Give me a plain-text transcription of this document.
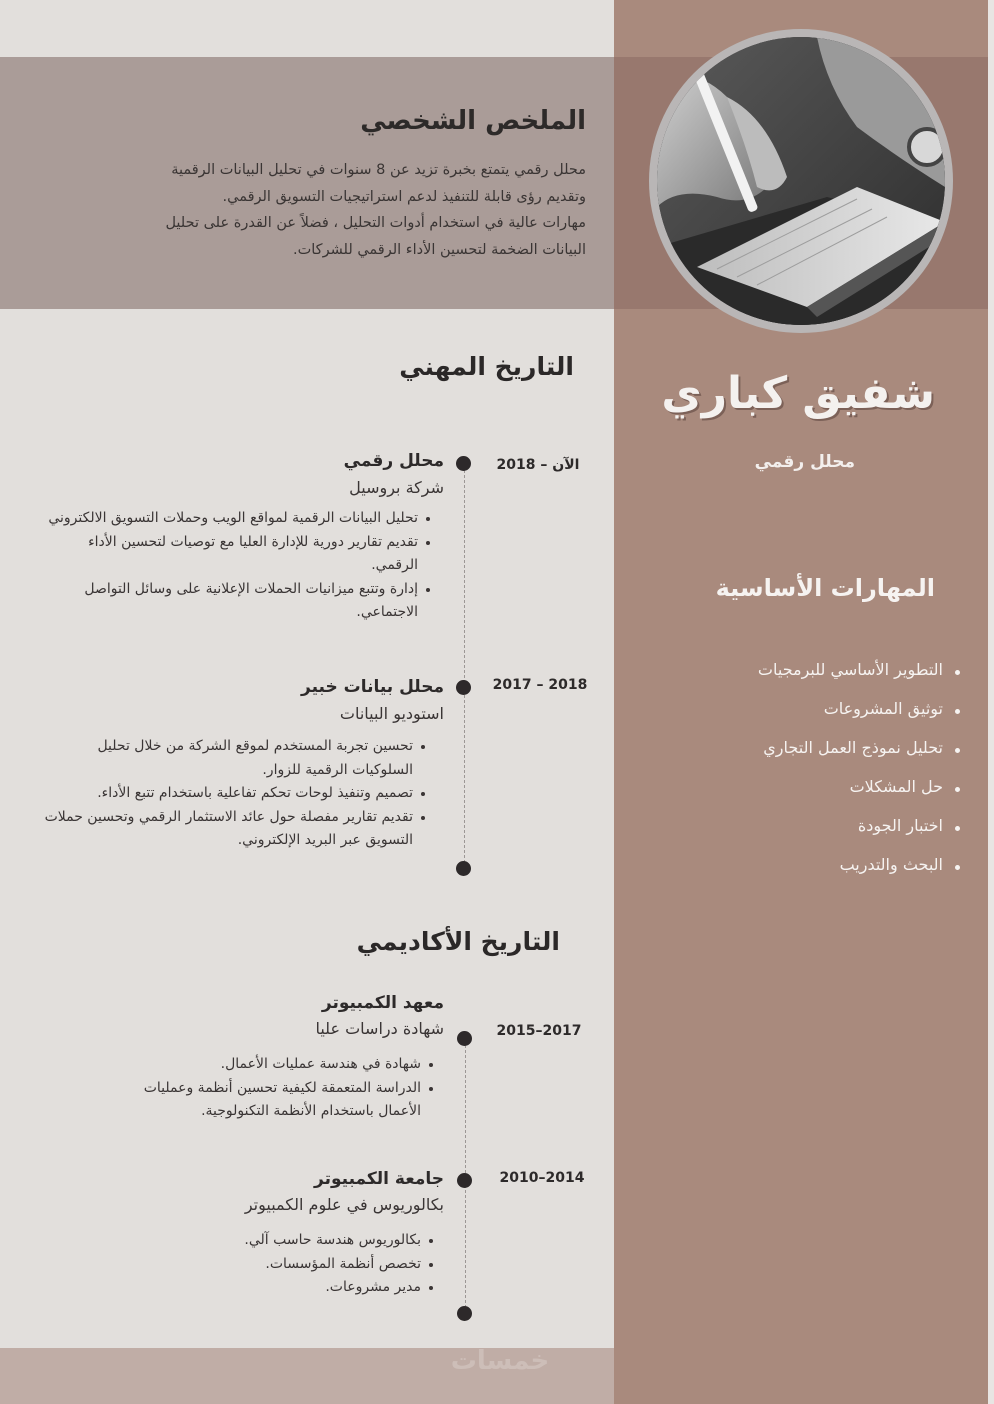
شفيق كباري
محلل رقمي
المهارات الأساسية
التطوير الأساسي للبرمجيات
توثيق المشروعات
تحليل نموذج العمل التجاري
حل المشكلات
اختبار الجودة
البحث والتدريب
الملخص الشخصي
محلل رقمي يتمتع بخبرة تزيد عن 8 سنوات في تحليل البيانات الرقمية
وتقديم رؤى قابلة للتنفيذ لدعم استراتيجيات التسويق الرقمي.
مهارات عالية في استخدام أدوات التحليل ، فضلاً عن القدرة على تحليل
البيانات الضخمة لتحسين الأداء الرقمي للشركات.
التاريخ المهني
الآن – 2018
محلل رقمي
شركة بروسيل
تحليل البيانات الرقمية لمواقع الويب وحملات التسويق الالكتروني
تقديم تقارير دورية للإدارة العليا مع توصيات لتحسين الأداء الرقمي.
إدارة وتتبع ميزانيات الحملات الإعلانية على وسائل التواصل الاجتماعي.
2017 – 2018
محلل بيانات خبير
استوديو البيانات
تحسين تجربة المستخدم لموقع الشركة من خلال تحليل السلوكيات الرقمية للزوار.
تصميم وتنفيذ لوحات تحكم تفاعلية باستخدام تتبع الأداء.
تقديم تقارير مفصلة حول عائد الاستثمار الرقمي وتحسين حملات التسويق عبر البريد الإلكتروني.
التاريخ الأكاديمي
2015–2017
معهد الكمبيوتر
شهادة دراسات عليا
شهادة في هندسة عمليات الأعمال.
الدراسة المتعمقة لكيفية تحسين أنظمة وعمليات الأعمال باستخدام الأنظمة التكنولوجية.
2010–2014
جامعة الكمبيوتر
بكالوريوس في علوم الكمبيوتر
بكالوريوس هندسة حاسب آلي.
تخصص أنظمة المؤسسات.
مدير مشروعات.
خمسات
